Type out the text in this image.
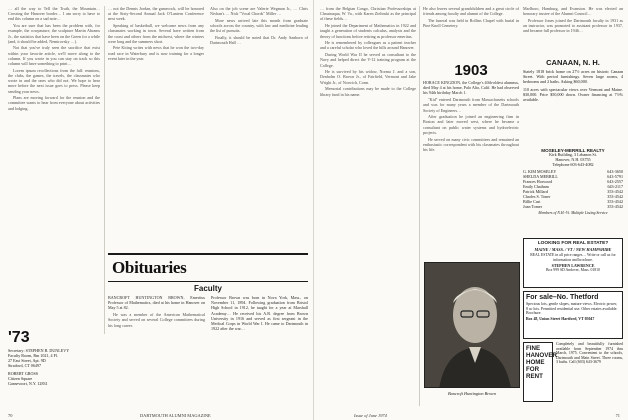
… all the way to Tell the Truth, the Mountain… Crossing the Hanover border… I am sorry to have to end this column on a sad note…

You are sure that has been the problem with, for example, the cowpasture, the sculpture Martin Abrams Jr., the statistics that have been on the Green for a while (and, it should be added, Nemirovsky …).

Not that you've truly seen the sacrifice that exist within your favorite article, we'll move along to the column. If you wrote in you can stay on track so this column will have something to print…

Lorem ipsum recollections from the fall: reunions, the clubs, the games, the travels, the classmates who wrote in and the ones who did not. We hope to hear more before the next issue goes to press. Please keep sending your news.

Plans are moving forward for the reunion and the committee wants to hear from everyone about activities and lodging.

… not the Dennis Jordan, the gamecock, will be honored at the Sixty-Second Annual Jack O'Lantern Conference next week.

Speaking of basketball, we welcome news from any classmates working in town. Several have written from the coast and others from the midwest, where the winters were long and the summers short.

Pete Kiting writes with news that he won the two-day road race in Waterbury and is now training for a longer event later in the year.

Also on the job scene are Valerie Wegman Jr., … Chris Nivhan's … Nick "Vocal Chords" Miller …

More news arrived late this month from graduate schools across the country, with law and medicine leading the list of pursuits.

Finally, it should be noted that Dr. Andy Sanborn of Dartmouth Hall …

'73
Secretary: STEPHEN B. DUNLEVY
Faculty Room, Rm 1021, 4 Fl.
27 East Street, Apt. 9D
Stratford, CT 06497
ROBERT GROSS
Citizen Square
Gansevoort, N.Y. 12831
Obituaries
Faculty

BANCROFT HUNTINGTON BROWN, Emeritus Professor of Mathematics, died at his home in Hanover on May 5 at 82.

He was a member of the American Mathematical Society and served on several College committees during his long career.

Professor Brown was born in Nova York, Mass., on November 11, 1894. Following graduation from Bristol High School in 1912, he taught for a year at Marshall Academy… He received his A.B. degree from Brown University in 1916 and served as first sergeant in the Medical Corps in World War I. He came to Dartmouth in 1922 after the war…

70	DARTMOUTH ALUMNI MAGAZINE

… from the Belgian Congo, Christian Professorships at Chautauqua, W. Va., with Karen Zielinski as the principal of these fields…

He joined the Department of Mathematics in 1922 and taught a generation of students calculus, analysis and the theory of functions before retiring as professor emeritus.

He is remembered by colleagues as a patient teacher and a careful scholar who loved the hills around Hanover.

During World War II he served as consultant to the Navy and helped direct the V-12 training program at the College.

He is survived by his widow, Norma J. and a son, Denholm O. Brown Jr., of Fairfield, Vermont and Jake Wright Jr., of Norwich, Conn.

Memorial contributions may be made to the College library fund in his name.

He also leaves several grandchildren and a great circle of friends among faculty and alumni of the College.

The funeral was held in Rollins Chapel with burial in Pine Knoll Cemetery.

1903

HORACE KINGDON, the College's 40th-oldest alumnus, died May 4 at his home, Palo Alto, Calif. He had observed his 94th birthday March 1.

"Kid" entered Dartmouth from Massachusetts schools and was for many years a member of the Dartmouth Society of Engineers…

After graduation he joined an engineering firm in Boston and later moved west, where he became a consultant on public water systems and hydroelectric projects.

He served on many civic committees and remained an enthusiastic correspondent with his classmates throughout his life.

Marlboro, Hamburg, and Evanston. He was elected an honorary trustee of the Alumni Council…

Professor Jones joined the Dartmouth faculty in 1931 as an instructor, was promoted to assistant professor in 1937, and became full professor in 1946…

Bancroft Huntington Brown
CANAAN, N. H.

Stately 1818 brick home on 27½ acres on historic Canaan Street. With period furnishings. Seven large rooms, 4 bedrooms and 2 baths. Asking $60,000.

110 acres with spectacular views over Vermont and Maine. $30,000. Price $50,000 down. Owner financing at 7½% available.

MOSELEY-MERRILL REALTY
Kirk Building, 3 Lebanon St.
Hanover, N.H. 03755
Telephone 603-643-4082
G. KIM MOSELEY	643-3650
SHELDA MERRILL	643-5791
Frances Horwood	643-2557
Emily Chatham	643-2117
Patrick Millard	353-4542
Charles S. Toner	353-4542
Billie Cast	353-4542
Joan Tomer	353-4542
Members of N.H.-Vt. Multiple Listing Service
LOOKING FOR REAL ESTATE?
MAINE / MASS. / VT / NEW HAMPSHIRE
REAL ESTATE in all price ranges… Write or call us for information and brochure.
STEPHEN LAWRENCE
Box 999 SD Andover, Mass. 01810
For sale–No. Thetford
Specious lots, gentle slopes, mature views. Electric power, 8 ac lots. Permitted residential use. Other estates available. Brochure.
Box 48, Union Street Hartford, VT 05047
FINE HANOVER HOME FOR RENT
Completely and beautifully furnished available from September 1974 thru March, 1975. Convenient to the schools, Dartmouth and Main Street. Three rooms, 3 baths. Call (603) 643-3679
Issue of June 1974	71
